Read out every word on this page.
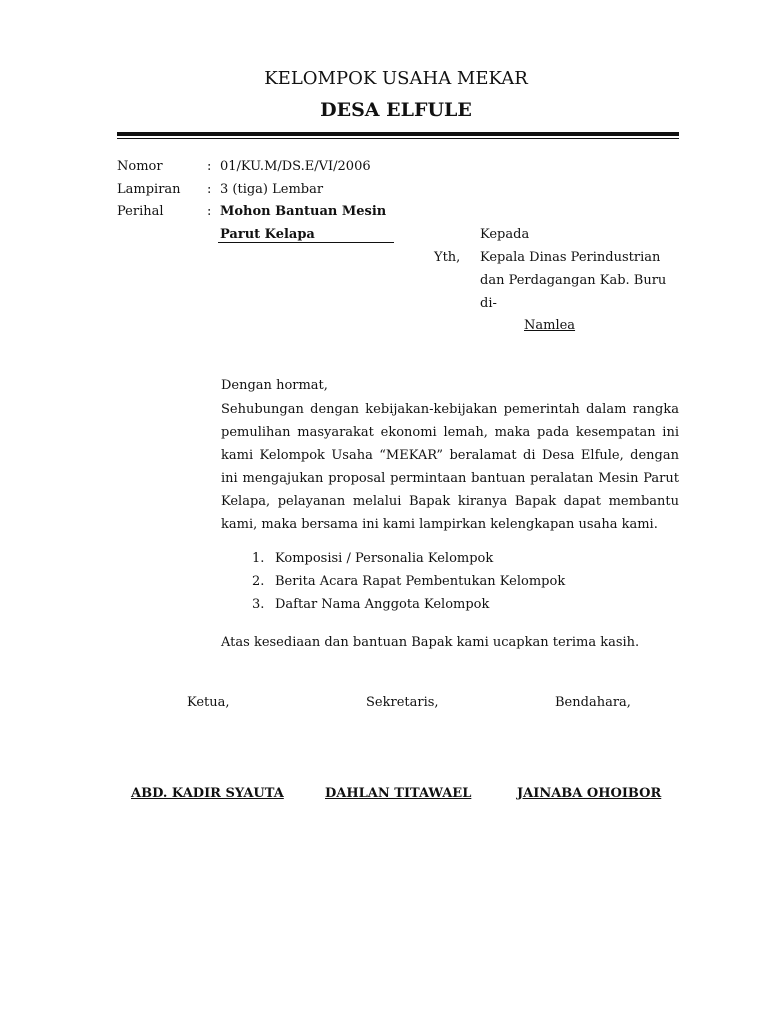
KELOMPOK USAHA MEKAR
DESA ELFULE
Nomor	: 01/KU.M/DS.E/VI/2006
Lampiran : 3 (tiga) Lembar
Perihal	: Mohon Bantuan Mesin
Parut Kelapa	Kepada
Yth, Kepala Dinas Perindustrian
dan Perdagangan Kab. Buru
di-
Namlea
Dengan hormat,

Sehubungan dengan kebijakan-kebijakan pemerintah dalam rangka pemulihan masyarakat ekonomi lemah, maka pada kesempatan ini kami Kelompok Usaha “MEKAR” beralamat di Desa Elfule, dengan ini mengajukan proposal permintaan bantuan peralatan Mesin Parut Kelapa, pelayanan melalui Bapak kiranya Bapak dapat membantu kami, maka bersama ini kami lampirkan kelengkapan usaha kami.

1. Komposisi / Personalia Kelompok
2. Berita Acara Rapat Pembentukan Kelompok
3. Daftar Nama Anggota Kelompok
Atas kesediaan dan bantuan Bapak kami ucapkan terima kasih.
Ketua,	Sekretaris,	Bendahara,
ABD. KADIR SYAUTA	DAHLAN TITAWAEL	JAINABA OHOIBOR
